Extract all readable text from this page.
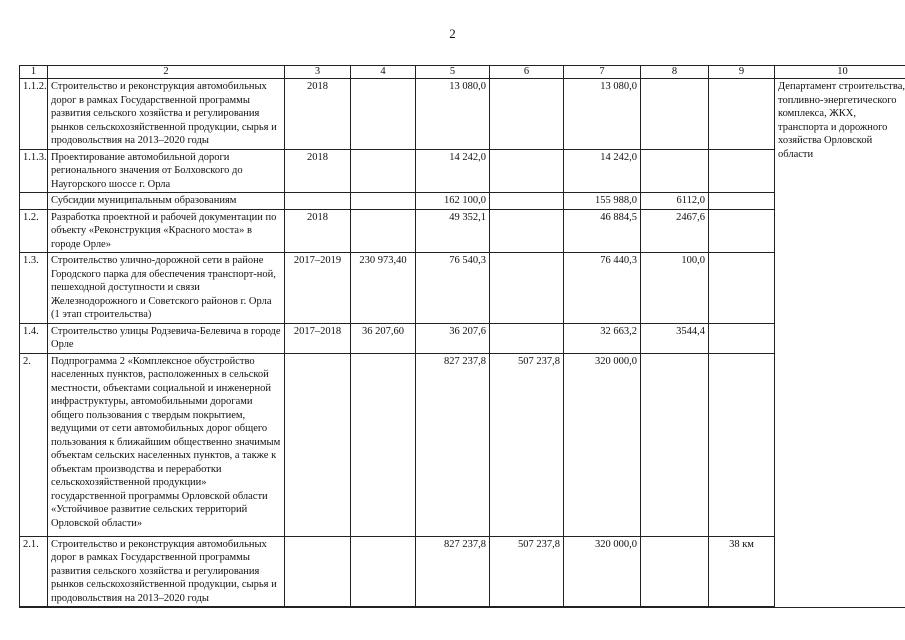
2
1	2	3	4	5	6	7	8	9	10
1.1.2.	Строительство и реконструкция автомобильных дорог в рамках Государственной программы развития сельского хозяйства и регулирования рынков сельскохозяйственной продукции, сырья и продовольствия на 2013–2020 годы	2018		13 080,0		13 080,0			Департамент строительства, топливно-энергетического комплекса, ЖКХ, транспорта и дорожного хозяйства Орловской области
1.1.3.	Проектирование автомобильной дороги регионального значения от Болховского до Наугорского шоссе г. Орла	2018		14 242,0		14 242,0			
	Субсидии муниципальным образованиям			162 100,0		155 988,0	6112,0		
1.2.	Разработка проектной и рабочей документации по объекту «Реконструкция «Красного моста» в городе Орле»	2018		49 352,1		46 884,5	2467,6		
1.3.	Строительство улично-дорожной сети в районе Городского парка для обеспечения транспорт-ной, пешеходной доступности и связи Железнодорожного и Советского районов г. Орла (1 этап строительства)	2017–2019	230 973,40	76 540,3		76 440,3	100,0		
1.4.	Строительство улицы Родзевича-Белевича в городе Орле	2017–2018	36 207,60	36 207,6		32 663,2	3544,4		
2.	Подпрограмма 2 «Комплексное обустройство населенных пунктов, расположенных в сельской местности, объектами социальной и инженерной инфраструктуры, автомобильными дорогами общего пользования с твердым покрытием, ведущими от сети автомобильных дорог общего пользования к ближайшим общественно значимым объектам сельских населенных пунктов, а также к объектам производства и переработки сельскохозяйственной продукции» государственной программы Орловской области «Устойчивое развитие сельских территорий Орловской области»			827 237,8	507 237,8	320 000,0			
2.1.	Строительство и реконструкция автомобильных дорог в рамках Государственной программы развития сельского хозяйства и регулирования рынков сельскохозяйственной продукции, сырья и продовольствия на 2013–2020 годы			827 237,8	507 237,8	320 000,0		38 км	
